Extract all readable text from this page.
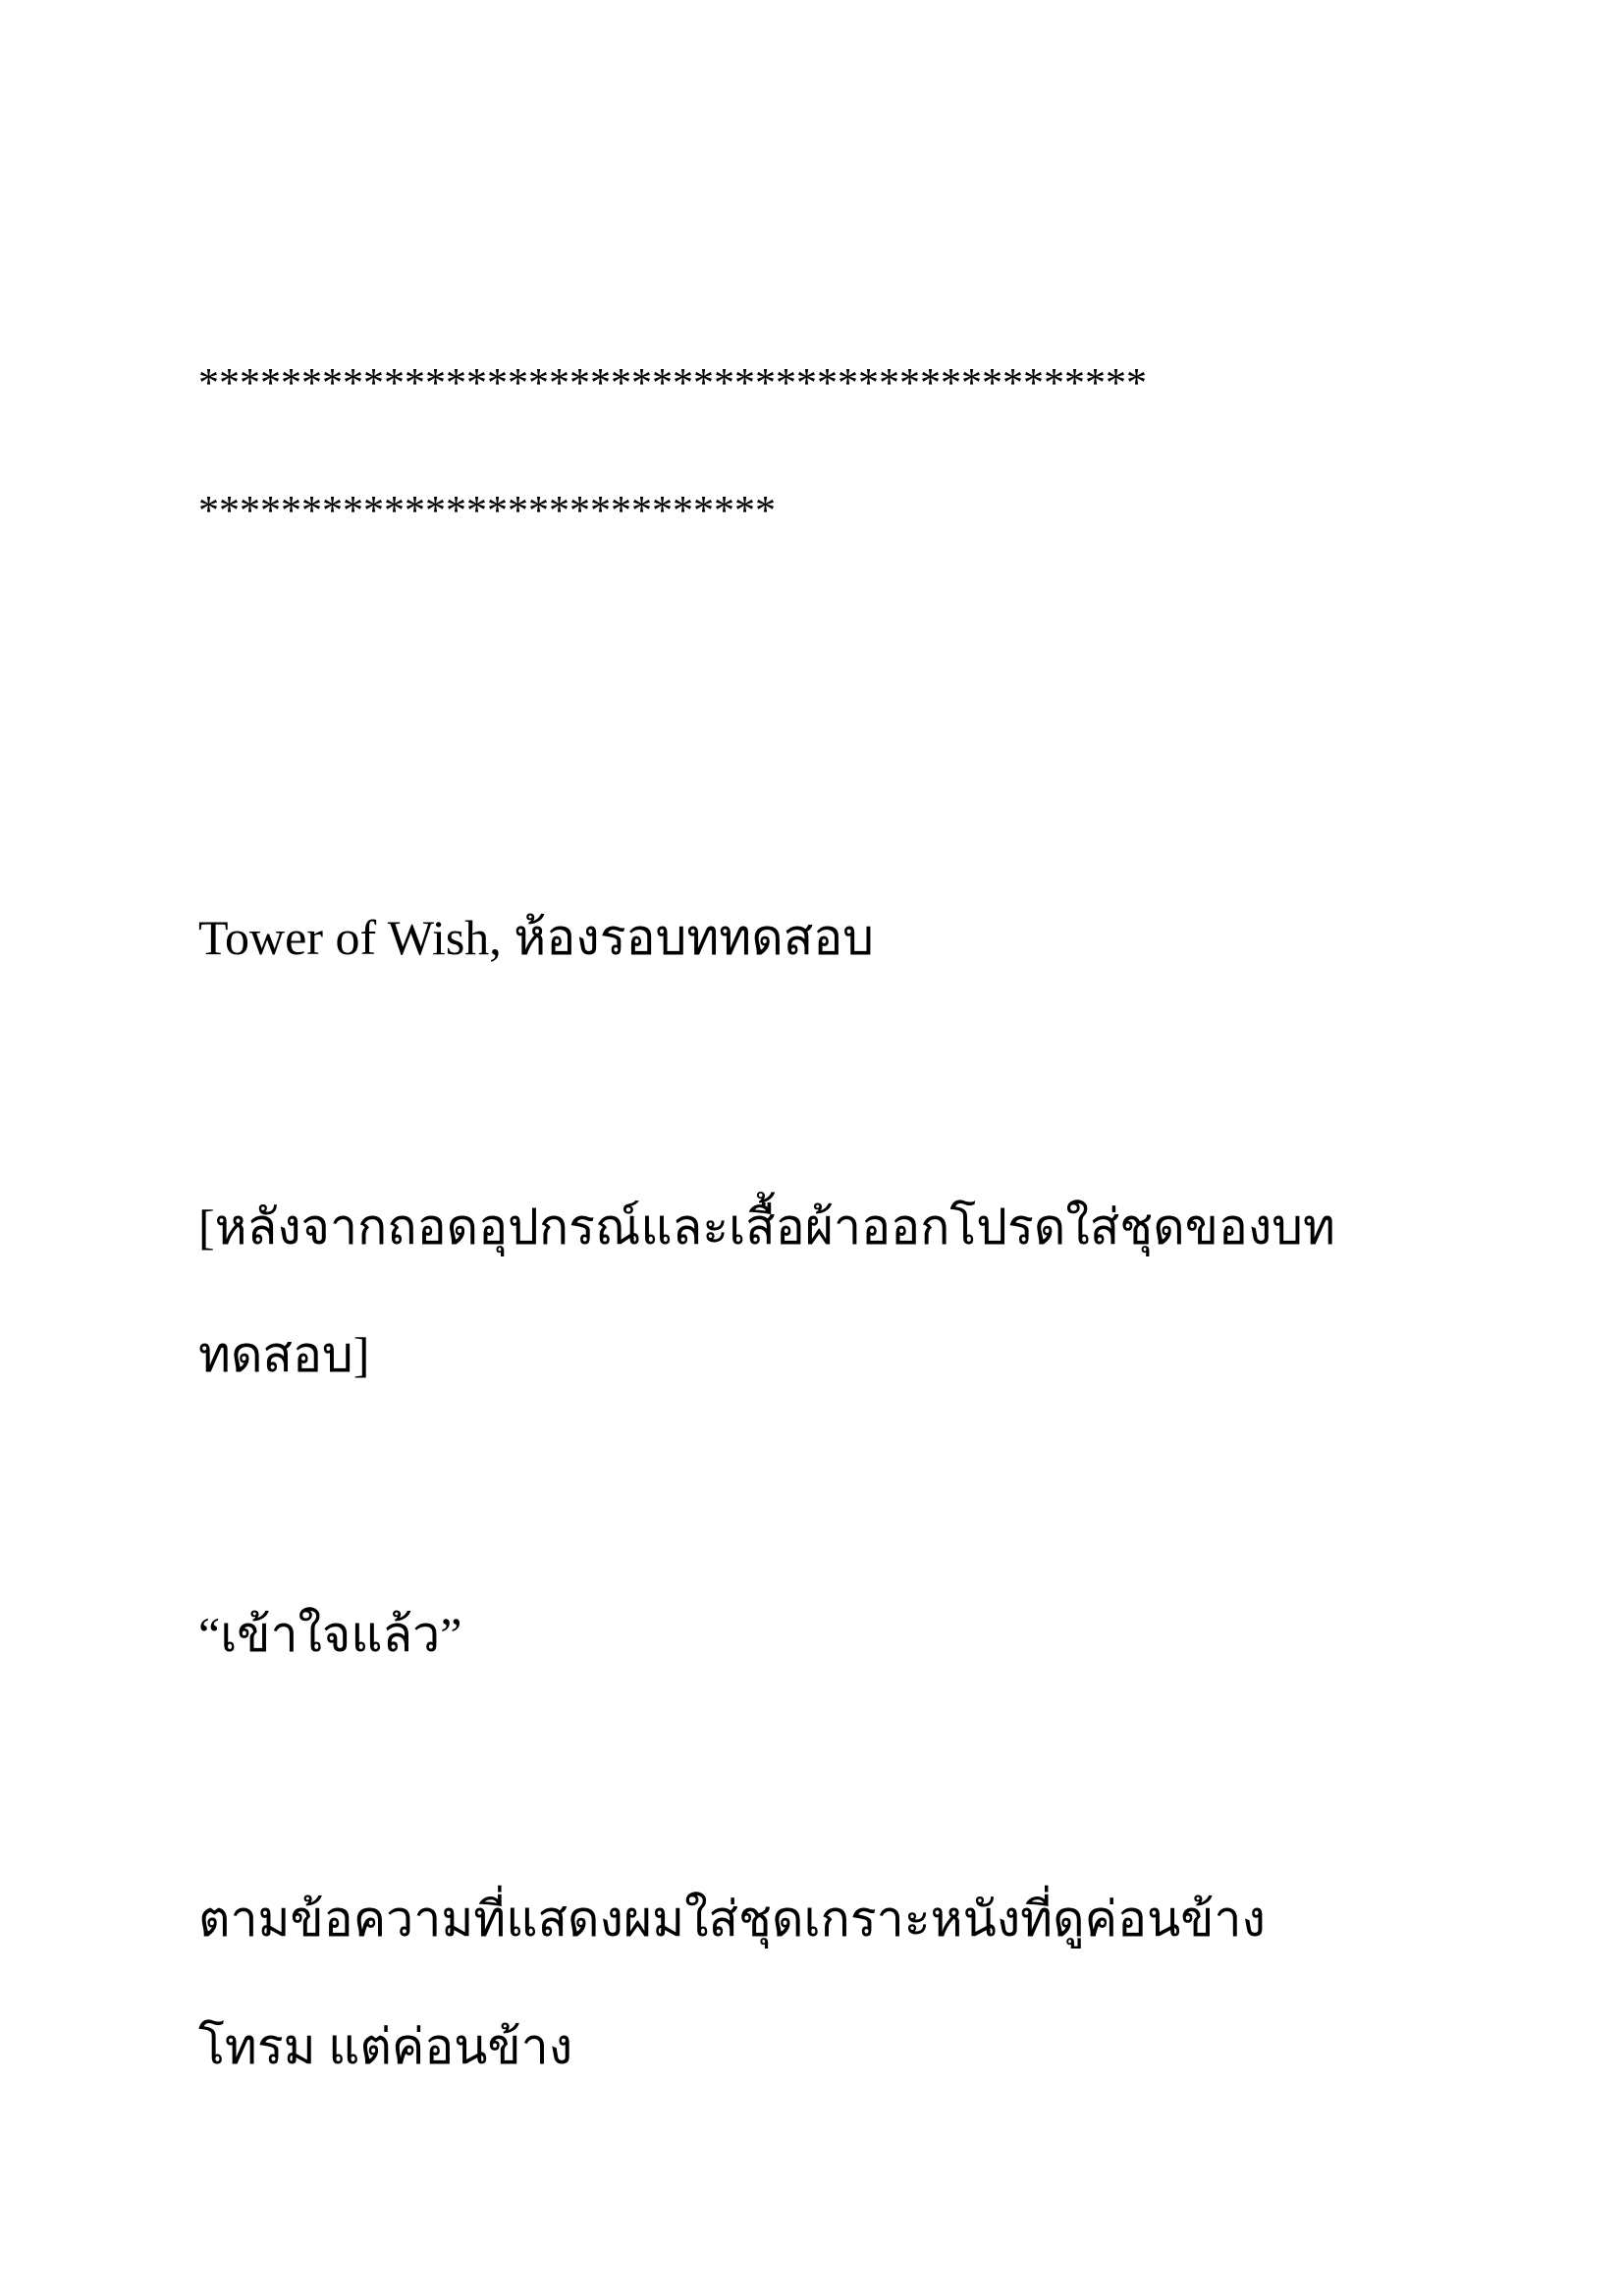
**********************************************

****************************

Tower of Wish, ห้องรอบททดสอบ

[หลังจากถอดอุปกรณ์และเสื้อผ้าออกโปรดใส่ชุดของบท

ทดสอบ]

“เข้าใจแล้ว”

ตามข้อความที่แสดงผมใส่ชุดเกราะหนังที่ดูค่อนข้าง

โทรม แต่ค่อนข้าง
